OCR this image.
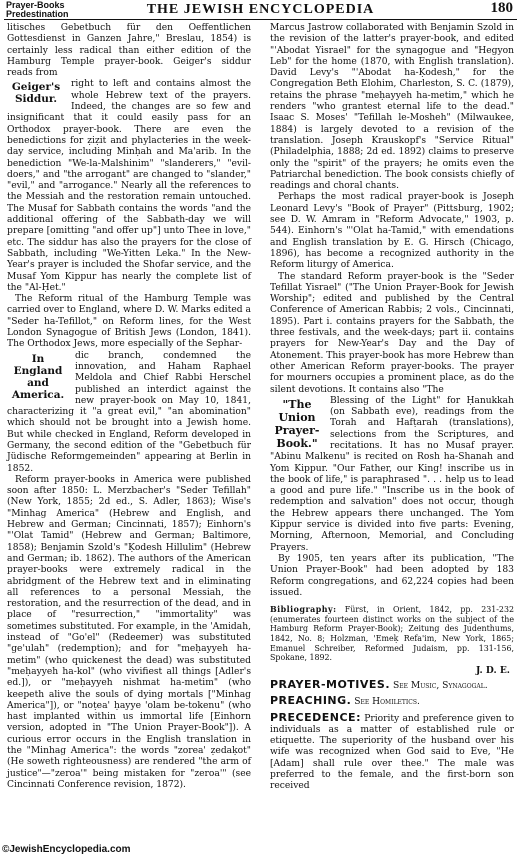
Prayer-Books
Predestination	THE JEWISH ENCYCLOPEDIA	180

litisches Gebetbuch für den Oeffentlichen Gottesdienst in Ganzen Jahre," Breslau, 1854) is certainly less radical than either edition of the Hamburg Temple prayer-book. Geiger's siddur reads from

Geiger's Siddur.

right to left and contains almost the whole Hebrew text of the prayers. Indeed, the changes are so few and insignificant that it could easily pass for an Orthodox prayer-book. There are even the benedictions for ẓiẓit and phylacteries in the week-day service, including Minḥah and Ma'arib. In the benediction "We-la-Malshinim" "slanderers," "evil-doers," and "the arrogant" are changed to "slander," "evil," and "arrogance." Nearly all the references to the Messiah and the restoration remain untouched. The Musaf for Sabbath contains the words "and the additional offering of the Sabbath-day we will prepare [omitting "and offer up"] unto Thee in love," etc. The siddur has also the prayers for the close of Sabbath, including "We-Yitten Leka." In the New-Year's prayer is included the Shofar service, and the Musaf Yom Kippur has nearly the complete list of the "Al-Ḥet."

The Reform ritual of the Hamburg Temple was carried over to England, where D. W. Marks edited a "Seder ha-Tefillot," on Reform lines, for the West London Synagogue of British Jews (London, 1841). The Orthodox Jews, more especially of the Sephar-

In England and America.

dic branch, condemned the innovation, and Haham Raphael Meldola and Chief Rabbi Herschel published an interdict against the new prayer-book on May 10, 1841, characterizing it "a great evil," "an abomination" which should not be brought into a Jewish home. But while checked in England, Reform developed in Germany, the second edition of the "Gebetbuch für Jüdische Reformgemeinden" appearing at Berlin in 1852.

Reform prayer-books in America were published soon after 1850: L. Merzbacher's "Seder Tefillah" (New York, 1855; 2d ed., S. Adler, 1863); Wise's "Minhag America" (Hebrew and English, and Hebrew and German; Cincinnati, 1857); Einhorn's "'Olat Tamid" (Hebrew and German; Baltimore, 1858); Benjamin Szold's "Ḳodesh Hillulim" (Hebrew and German; ib. 1862). The authors of the American prayer-books were extremely radical in the abridgment of the Hebrew text and in eliminating all references to a personal Messiah, the restoration, and the resurrection of the dead, and in place of "resurrection," "immortality" was sometimes substituted. For example, in the 'Amidah, instead of "Go'el" (Redeemer) was substituted "ge'ulah" (redemption); and for "meḥayyeh ha-metim" (who quickenest the dead) was substituted "meḥayyeh ha-kol" (who vivifiest all things [Adler's ed.]), or "meḥayyeh nishmat ha-metim" (who keepeth alive the souls of dying mortals ["Minhag America"]), or "noṭea' ḥayye 'olam be-tokenu" (who hast implanted within us immortal life [Einhorn version, adopted in "The Union Prayer-Book"]). A curious error occurs in the English translation in the "Minhag America": the words "zorea' ẓedaḳot" (He soweth righteousness) are rendered "the arm of justice"—"zeroa'" being mistaken for "zeroa'" (see Cincinnati Conference revision, 1872).

Marcus Jastrow collaborated with Benjamin Szold in the revision of the latter's prayer-book, and edited "'Abodat Yisrael" for the synagogue and "Hegyon Leb" for the home (1870, with English translation). David Levy's "'Abodat ha-Ḳodesh," for the Congregation Beth Elohim, Charleston, S. C. (1879), retains the phrase "meḥayyeh ha-metim," which he renders "who grantest eternal life to the dead." Isaac S. Moses' "Tefillah le-Mosheh" (Milwaukee, 1884) is largely devoted to a revision of the translation. Joseph Krauskopf's "Service Ritual" (Philadelphia, 1888; 2d ed. 1892) claims to preserve only the "spirit" of the prayers; he omits even the Patriarchal benediction. The book consists chiefly of readings and choral chants.

Perhaps the most radical prayer-book is Joseph Leonard Levy's "Book of Prayer" (Pittsburg, 1902; see D. W. Amram in "Reform Advocate," 1903, p. 544). Einhorn's "'Olat ha-Tamid," with emendations and English translation by E. G. Hirsch (Chicago, 1896), has become a recognized authority in the Reform liturgy of America.

The standard Reform prayer-book is the "Seder Tefillat Yisrael" ("The Union Prayer-Book for Jewish Worship"; edited and published by the Central Conference of American Rabbis; 2 vols., Cincinnati, 1895). Part i. contains prayers for the Sabbath, the three festivals, and the week-days; part ii. contains prayers for New-Year's Day and the Day of Atonement. This prayer-book has more Hebrew than other American Reform prayer-books. The prayer for mourners occupies a prominent place, as do the silent devotions. It contains also "The

"The Union Prayer-Book."

Blessing of the Light" for Ḥanukkah (on Sabbath eve), readings from the Torah and Hafṭarah (translations), selections from the Scriptures, and recitations. It has no Musaf prayer. "Abinu Malkenu" is recited on Rosh ha-Shanah and Yom Kippur. "Our Father, our King! inscribe us in the book of life," is paraphrased ". . . help us to lead a good and pure life." "Inscribe us in the book of redemption and salvation" does not occur, though the Hebrew appears there unchanged. The Yom Kippur service is divided into five parts: Evening, Morning, Afternoon, Memorial, and Concluding Prayers.

By 1905, ten years after its publication, "The Union Prayer-Book" had been adopted by 183 Reform congregations, and 62,224 copies had been issued.

Bibliography: Fürst, in Orient, 1842, pp. 231-232 (enumerates fourteen distinct works on the subject of the Hamburg Reform Prayer-Book); Zeitung des Judenthums, 1842, No. 8; Holzman, 'Emeḳ Refa'im, New York, 1865; Emanuel Schreiber, Reformed Judaism, pp. 131-156, Spokane, 1892.

J. D. E.

PRAYER-MOTIVES. See Music, Synagogal.

PREACHING. See Homiletics.

PRECEDENCE: Priority and preference given to individuals as a matter of established rule or etiquette. The superiority of the husband over his wife was recognized when God said to Eve, "He [Adam] shall rule over thee." The male was preferred to the female, and the first-born son received

©JewishEncyclopedia.com
